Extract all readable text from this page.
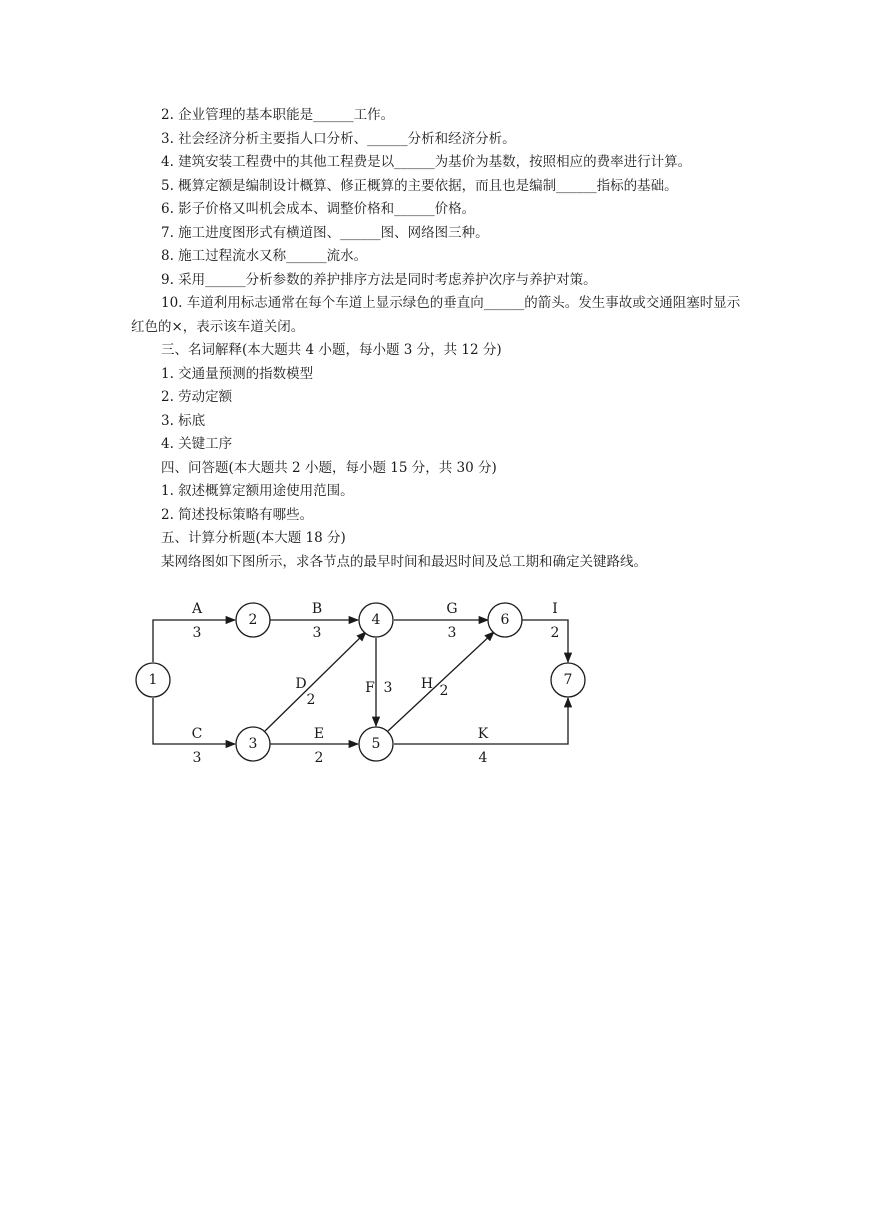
2. 企业管理的基本职能是______工作。
3. 社会经济分析主要指人口分析、______分析和经济分析。
4. 建筑安装工程费中的其他工程费是以______为基价为基数，按照相应的费率进行计算。
5. 概算定额是编制设计概算、修正概算的主要依据，而且也是编制______指标的基础。
6. 影子价格又叫机会成本、调整价格和______价格。
7. 施工进度图形式有横道图、______图、网络图三种。
8. 施工过程流水又称______流水。
9. 采用______分析参数的养护排序方法是同时考虑养护次序与养护对策。
10. 车道利用标志通常在每个车道上显示绿色的垂直向______的箭头。发生事故或交通阻塞时显示红色的×，表示该车道关闭。
三、名词解释(本大题共 4 小题，每小题 3 分，共 12 分)
1. 交通量预测的指数模型
2. 劳动定额
3. 标底
4. 关键工序
四、问答题(本大题共 2 小题，每小题 15 分，共 30 分)
1. 叙述概算定额用途使用范围。
2. 简述投标策略有哪些。
五、计算分析题(本大题 18 分)
某网络图如下图所示，求各节点的最早时间和最迟时间及总工期和确定关键路线。
1
2
3
4
5
6
7
A
3
B
3
G
3
I
2
C
3
E
2
K
4
D
2
F 3 H 2
